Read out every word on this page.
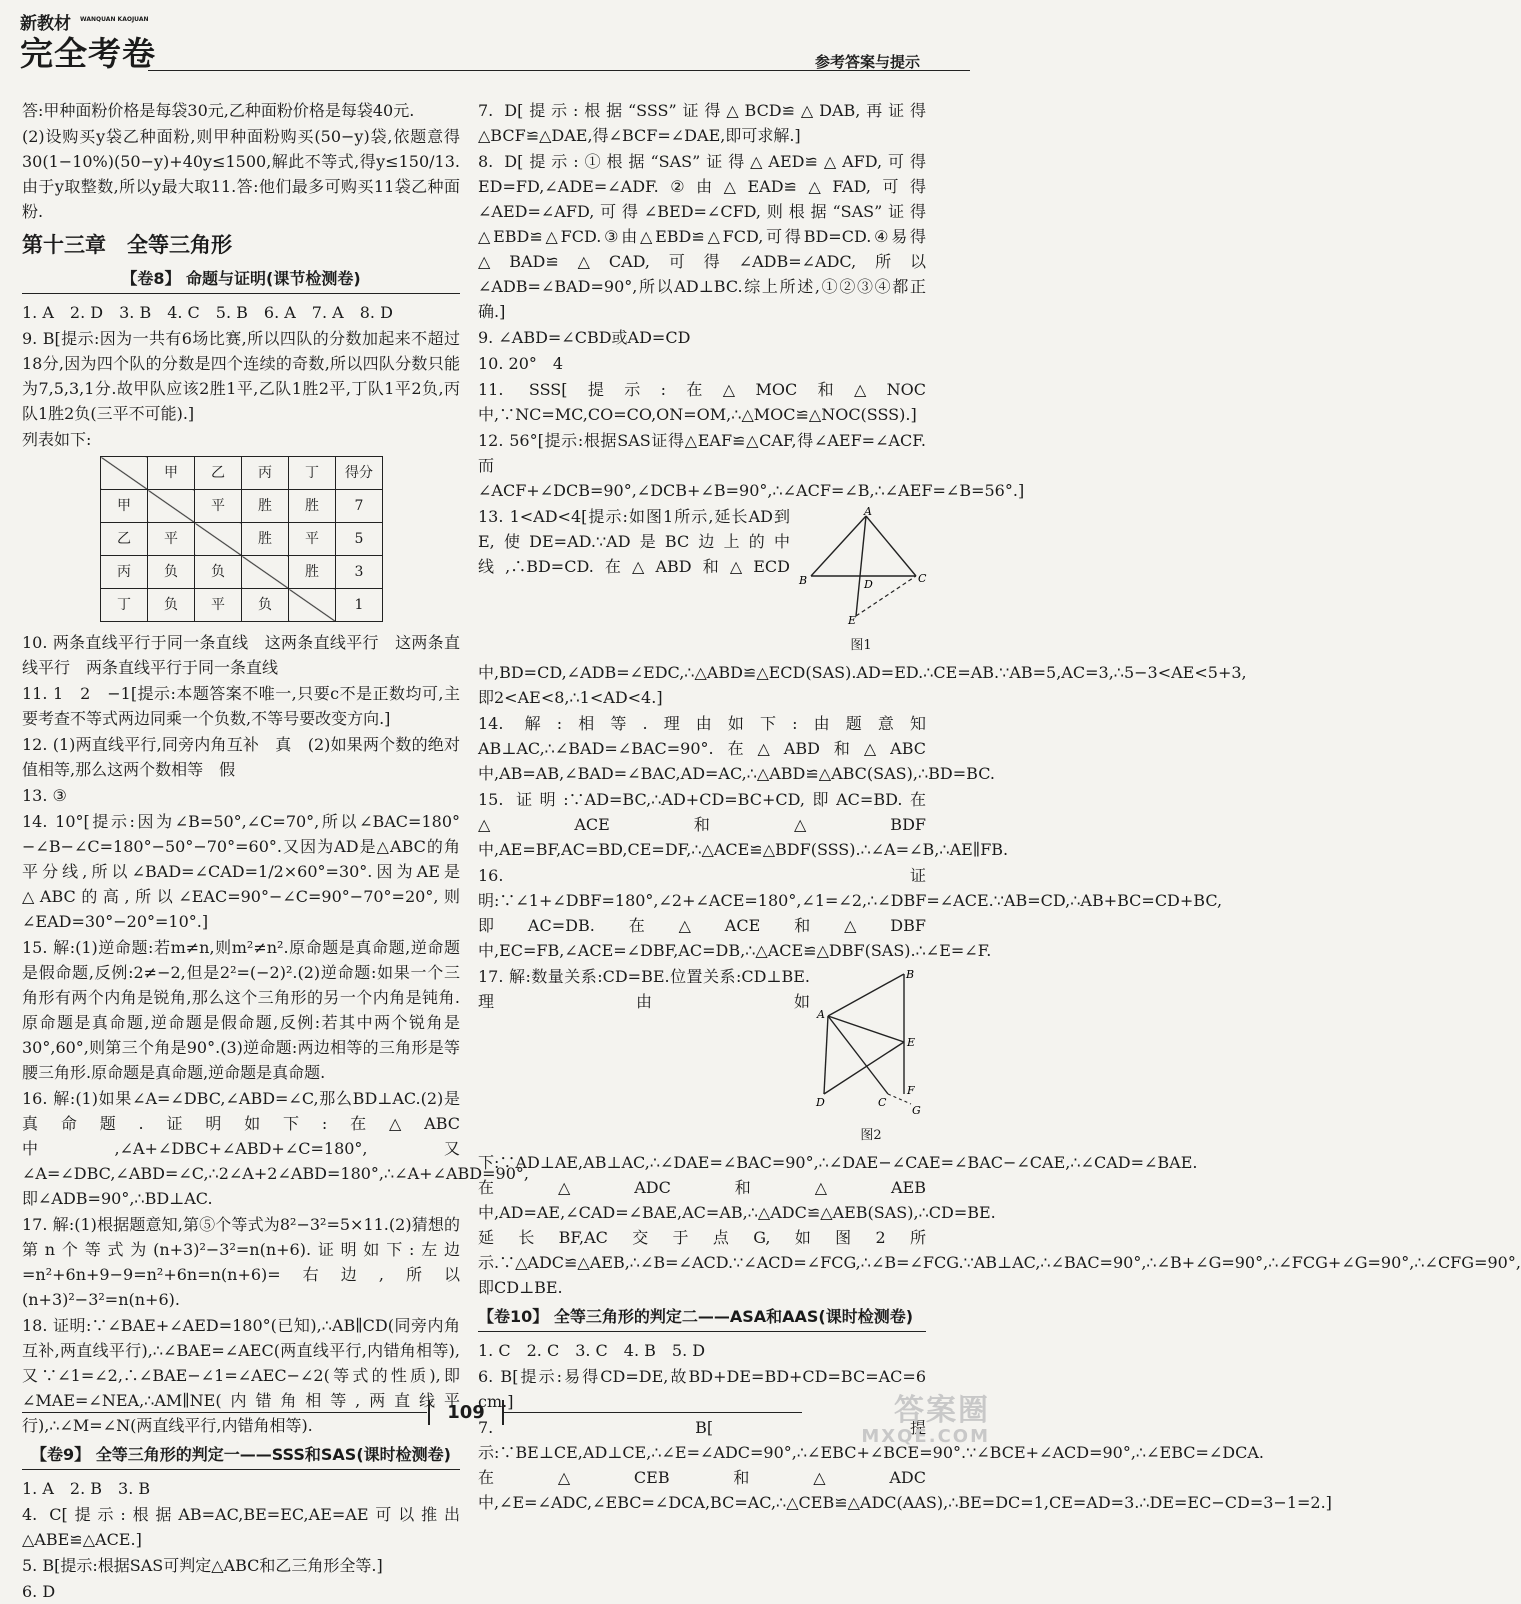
新教材	WANQUAN KAOJUAN
完全考卷	参考答案与提示
答:甲种面粉价格是每袋30元,乙种面粉价格是每袋40元.
(2)设购买y袋乙种面粉,则甲种面粉购买(50−y)袋,依题意得30(1−10%)(50−y)+40y≤1500,解此不等式,得y≤150/13.由于y取整数,所以y最大取11.答:他们最多可购买11袋乙种面粉.
第十三章　全等三角形
【卷8】 命题与证明(课节检测卷)
1. A　2. D　3. B　4. C　5. B　6. A　7. A　8. D
9. B[提示:因为一共有6场比赛,所以四队的分数加起来不超过18分,因为四个队的分数是四个连续的奇数,所以四队分数只能为7,5,3,1分.故甲队应该2胜1平,乙队1胜2平,丁队1平2负,丙队1胜2负(三平不可能).]
列表如下:
	甲	乙	丙	丁	得分
甲		平	胜	胜	7
乙	平		胜	平	5
丙	负	负		胜	3
丁	负	平	负		1
10. 两条直线平行于同一条直线　这两条直线平行　这两条直线平行　两条直线平行于同一条直线
11. 1　2　−1[提示:本题答案不唯一,只要c不是正数均可,主要考查不等式两边同乘一个负数,不等号要改变方向.]
12. (1)两直线平行,同旁内角互补　真　(2)如果两个数的绝对值相等,那么这两个数相等　假
13. ③
14. 10°[提示:因为∠B=50°,∠C=70°,所以∠BAC=180°−∠B−∠C=180°−50°−70°=60°.又因为AD是△ABC的角平分线,所以∠BAD=∠CAD=1/2×60°=30°.因为AE是△ABC的高,所以∠EAC=90°−∠C=90°−70°=20°,则∠EAD=30°−20°=10°.]
15. 解:(1)逆命题:若m≠n,则m²≠n².原命题是真命题,逆命题是假命题,反例:2≠−2,但是2²=(−2)².(2)逆命题:如果一个三角形有两个内角是锐角,那么这个三角形的另一个内角是钝角.原命题是真命题,逆命题是假命题,反例:若其中两个锐角是30°,60°,则第三个角是90°.(3)逆命题:两边相等的三角形是等腰三角形.原命题是真命题,逆命题是真命题.
16. 解:(1)如果∠A=∠DBC,∠ABD=∠C,那么BD⊥AC.(2)是真命题.证明如下:在△ABC中,∠A+∠DBC+∠ABD+∠C=180°,又∠A=∠DBC,∠ABD=∠C,∴2∠A+2∠ABD=180°,∴∠A+∠ABD=90°,即∠ADB=90°,∴BD⊥AC.
17. 解:(1)根据题意知,第⑤个等式为8²−3²=5×11.(2)猜想的第n个等式为(n+3)²−3²=n(n+6).证明如下:左边=n²+6n+9−9=n²+6n=n(n+6)=右边,所以(n+3)²−3²=n(n+6).
18. 证明:∵∠BAE+∠AED=180°(已知),∴AB∥CD(同旁内角互补,两直线平行),∴∠BAE=∠AEC(两直线平行,内错角相等),又∵∠1=∠2,∴∠BAE−∠1=∠AEC−∠2(等式的性质),即∠MAE=∠NEA,∴AM∥NE(内错角相等,两直线平行),∴∠M=∠N(两直线平行,内错角相等).
【卷9】 全等三角形的判定一——SSS和SAS(课时检测卷)
1. A　2. B　3. B
4. C[提示:根据AB=AC,BE=EC,AE=AE可以推出△ABE≌△ACE.]
5. B[提示:根据SAS可判定△ABC和乙三角形全等.]
6. D
7. D[提示:根据“SSS”证得△BCD≌△DAB,再证得△BCF≌△DAE,得∠BCF=∠DAE,即可求解.]
8. D[提示:①根据“SAS”证得△AED≌△AFD,可得ED=FD,∠ADE=∠ADF.②由△EAD≌△FAD,可得∠AED=∠AFD,可得∠BED=∠CFD,则根据“SAS”证得△EBD≌△FCD.③由△EBD≌△FCD,可得BD=CD.④易得△BAD≌△CAD,可得∠ADB=∠ADC,所以∠ADB=∠BAD=90°,所以AD⊥BC.综上所述,①②③④都正确.]
9. ∠ABD=∠CBD或AD=CD
10. 20°　4
11. SSS[提示:在△MOC和△NOC中,∵NC=MC,CO=CO,ON=OM,∴△MOC≌△NOC(SSS).]
12. 56°[提示:根据SAS证得△EAF≌△CAF,得∠AEF=∠ACF.而∠ACF+∠DCB=90°,∠DCB+∠B=90°,∴∠ACF=∠B,∴∠AEF=∠B=56°.]
A
B	D	C
E
图1
13. 1<AD<4[提示:如图1所示,延长AD到E,使DE=AD.∵AD是BC边上的中线,∴BD=CD.在△ABD和△ECD中,BD=CD,∠ADB=∠EDC,∴△ABD≌△ECD(SAS).AD=ED.∴CE=AB.∵AB=5,AC=3,∴5−3<AE<5+3,即2<AE<8,∴1<AD<4.]
14. 解:相等.理由如下:由题意知AB⊥AC,∴∠BAD=∠BAC=90°.在△ABD和△ABC中,AB=AB,∠BAD=∠BAC,AD=AC,∴△ABD≌△ABC(SAS),∴BD=BC.
15. 证明:∵AD=BC,∴AD+CD=BC+CD,即AC=BD.在△ACE和△BDF中,AE=BF,AC=BD,CE=DF,∴△ACE≌△BDF(SSS).∴∠A=∠B,∴AE∥FB.
16. 证明:∵∠1+∠DBF=180°,∠2+∠ACE=180°,∠1=∠2,∴∠DBF=∠ACE.∵AB=CD,∴AB+BC=CD+BC,即AC=DB.在△ACE和△DBF中,EC=FB,∠ACE=∠DBF,AC=DB,∴△ACE≌△DBF(SAS).∴∠E=∠F.
B
A
E
D	C
F
G
图2
17. 解:数量关系:CD=BE.位置关系:CD⊥BE.理由如下:∵AD⊥AE,AB⊥AC,∴∠DAE=∠BAC=90°,∴∠DAE−∠CAE=∠BAC−∠CAE,∴∠CAD=∠BAE.在△ADC和△AEB中,AD=AE,∠CAD=∠BAE,AC=AB,∴△ADC≌△AEB(SAS),∴CD=BE.延长BF,AC交于点G,如图2所示.∵△ADC≌△AEB,∴∠B=∠ACD.∵∠ACD=∠FCG,∴∠B=∠FCG.∵AB⊥AC,∴∠BAC=90°,∴∠B+∠G=90°,∴∠FCG+∠G=90°,∴∠CFG=90°,即CD⊥BE.
【卷10】 全等三角形的判定二——ASA和AAS(课时检测卷)
1. C　2. C　3. C　4. B　5. D
6. B[提示:易得CD=DE,故BD+DE=BD+CD=BC=AC=6 cm.]
7. B[提示:∵BE⊥CE,AD⊥CE,∴∠E=∠ADC=90°,∴∠EBC+∠BCE=90°.∵∠BCE+∠ACD=90°,∴∠EBC=∠DCA.在△CEB和△ADC中,∠E=∠ADC,∠EBC=∠DCA,BC=AC,∴△CEB≌△ADC(AAS),∴BE=DC=1,CE=AD=3.∴DE=EC−CD=3−1=2.]
109	答案圈
MXQE.COM
